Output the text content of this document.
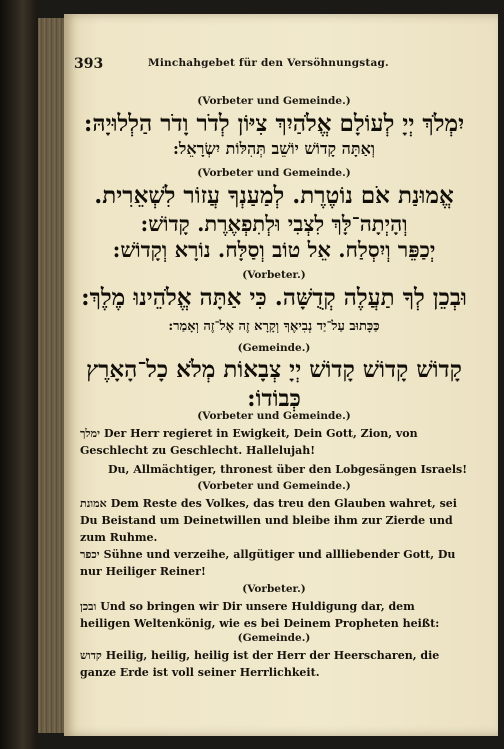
393	Minchahgebet für den Versöhnungstag.
(Vorbeter und Gemeinde.)
יִמְלֹךְ יְיָ לְעוֹלָם אֱלֹהַיִךְ צִיּוֹן לְדֹר וָדֹר הַלְלוּיָהּ:
וְאַתָּה קָדוֹשׁ יוֹשֵׁב תְּהִלּוֹת יִשְׂרָאֵל:
(Vorbeter und Gemeinde.)
אֱמוּנַת אֹם נוֹטֶרֶת. לְמַעַנְךָ עֲזוֹר לִשְׁאֵרִית.
וְהָיְתָה־לָּךְ לִצְבִי וּלְתִפְאֶרֶת. קָדוֹשׁ:
יְכַפֵּר וְיִסְלַח. אֵל טוֹב וְסַלָּח. נוֹרָא וְקָדוֹשׁ:
(Vorbeter.)
וּבְכֵן לְךָ תַעֲלֶה קְדֻשָּׁה. כִּי אַתָּה אֱלֹהֵינוּ מֶלֶךְ:
כַּכָּתוּב עַל־יַד נְבִיאֶךָ וְקָרָא זֶה אֶל־זֶה וְאָמַר:
(Gemeinde.)
קָדוֹשׁ קָדוֹשׁ קָדוֹשׁ יְיָ צְבָאוֹת מְלֹא כָל־הָאָרֶץ
כְּבוֹדוֹ:
(Vorbeter und Gemeinde.)
ימלך Der Herr regieret in Ewigkeit, Dein Gott, Zion, von Geschlecht zu Geschlecht. Hallelujah!
Du, Allmächtiger, thronest über den Lobgesängen Israels!
(Vorbeter und Gemeinde.)
אמונת Dem Reste des Volkes, das treu den Glauben wahret, sei Du Beistand um Deinetwillen und bleibe ihm zur Zierde und zum Ruhme.
יכפר Sühne und verzeihe, allgütiger und allliebender Gott, Du nur Heiliger Reiner!
(Vorbeter.)
ובכן Und so bringen wir Dir unsere Huldigung dar, dem heiligen Weltenkönig, wie es bei Deinem Propheten heißt:
(Gemeinde.)
קדוש Heilig, heilig, heilig ist der Herr der Heerscharen, die ganze Erde ist voll seiner Herrlichkeit.
